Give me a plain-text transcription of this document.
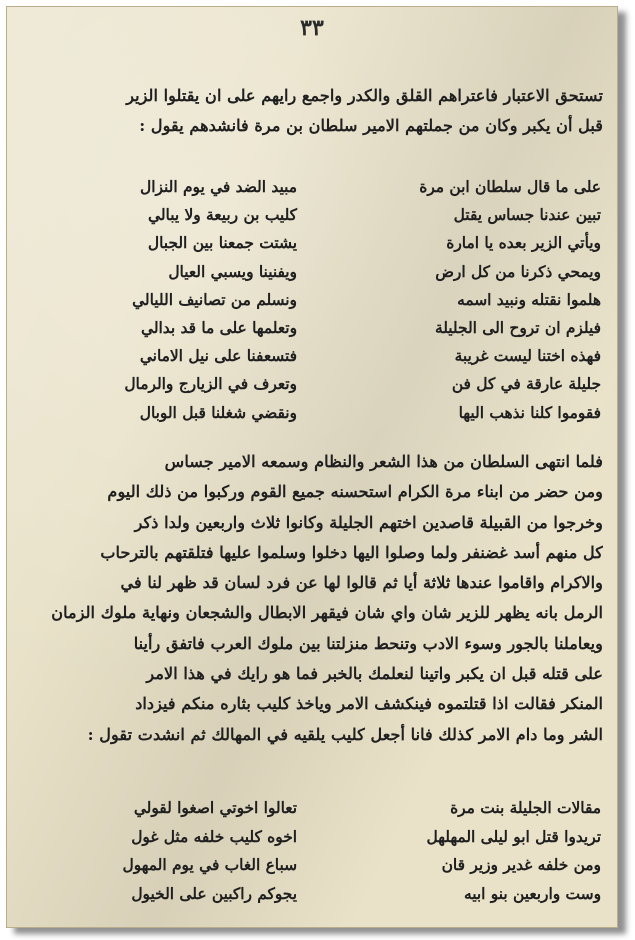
٣٣
تستحق الاعتبار فاعتراهم القلق والكدر واجمع رايهم على ان يقتلوا الزير
قبل أن يكبر وكان من جملتهم الامير سلطان بن مرة فانشدهم يقول :
على ما قال سلطان ابن مرة
مبيد الضد في يوم النزال
تبين عندنا جساس يقتل
كليب بن ربيعة ولا يبالي
ويأتي الزير بعده يا امارة
يشتت جمعنا بين الجبال
ويمحي ذكرنا من كل ارض
ويفنينا ويسبي العيال
هلموا نقتله ونبيد اسمه
ونسلم من تصانيف الليالي
فيلزم ان تروح الى الجليلة
وتعلمها على ما قد بدالي
فهذه اختنا ليست غريبة
فتسعفنا على نيل الاماني
جليلة عارقة في كل فن
وتعرف في الزيارج والرمال
فقوموا كلنا نذهب اليها
ونقضي شغلنا قبل الوبال
فلما انتهى السلطان من هذا الشعر والنظام وسمعه الامير جساس
ومن حضر من ابناء مرة الكرام استحسنه جميع القوم وركبوا من ذلك اليوم
وخرجوا من القبيلة قاصدين اختهم الجليلة وكانوا ثلاث واربعين ولدا ذكر
كل منهم أسد غضنفر ولما وصلوا اليها دخلوا وسلموا عليها فتلقتهم بالترحاب
والاكرام واقاموا عندها ثلاثة أيا ثم قالوا لها عن فرد لسان قد ظهر لنا في
الرمل بانه يظهر للزير شان واي شان فيقهر الابطال والشجعان ونهاية ملوك الزمان
ويعاملنا بالجور وسوء الادب وتنحط منزلتنا بين ملوك العرب فاتفق رأينا
على قتله قبل ان يكبر واتينا لنعلمك بالخبر فما هو رايك في هذا الامر
المنكر فقالت اذا قتلتموه فينكشف الامر وياخذ كليب بثاره منكم فيزداد
الشر وما دام الامر كذلك فانا أجعل كليب يلقيه في المهالك ثم انشدت تقول :
مقالات الجليلة بنت مرة
تعالوا اخوتي اصغوا لقولي
تريدوا قتل ابو ليلى المهلهل
اخوه كليب خلفه مثل غول
ومن خلفه غدير وزير قان
سباع الغاب في يوم المهول
وست واربعين بنو ابيه
يجوكم راكبين على الخيول
